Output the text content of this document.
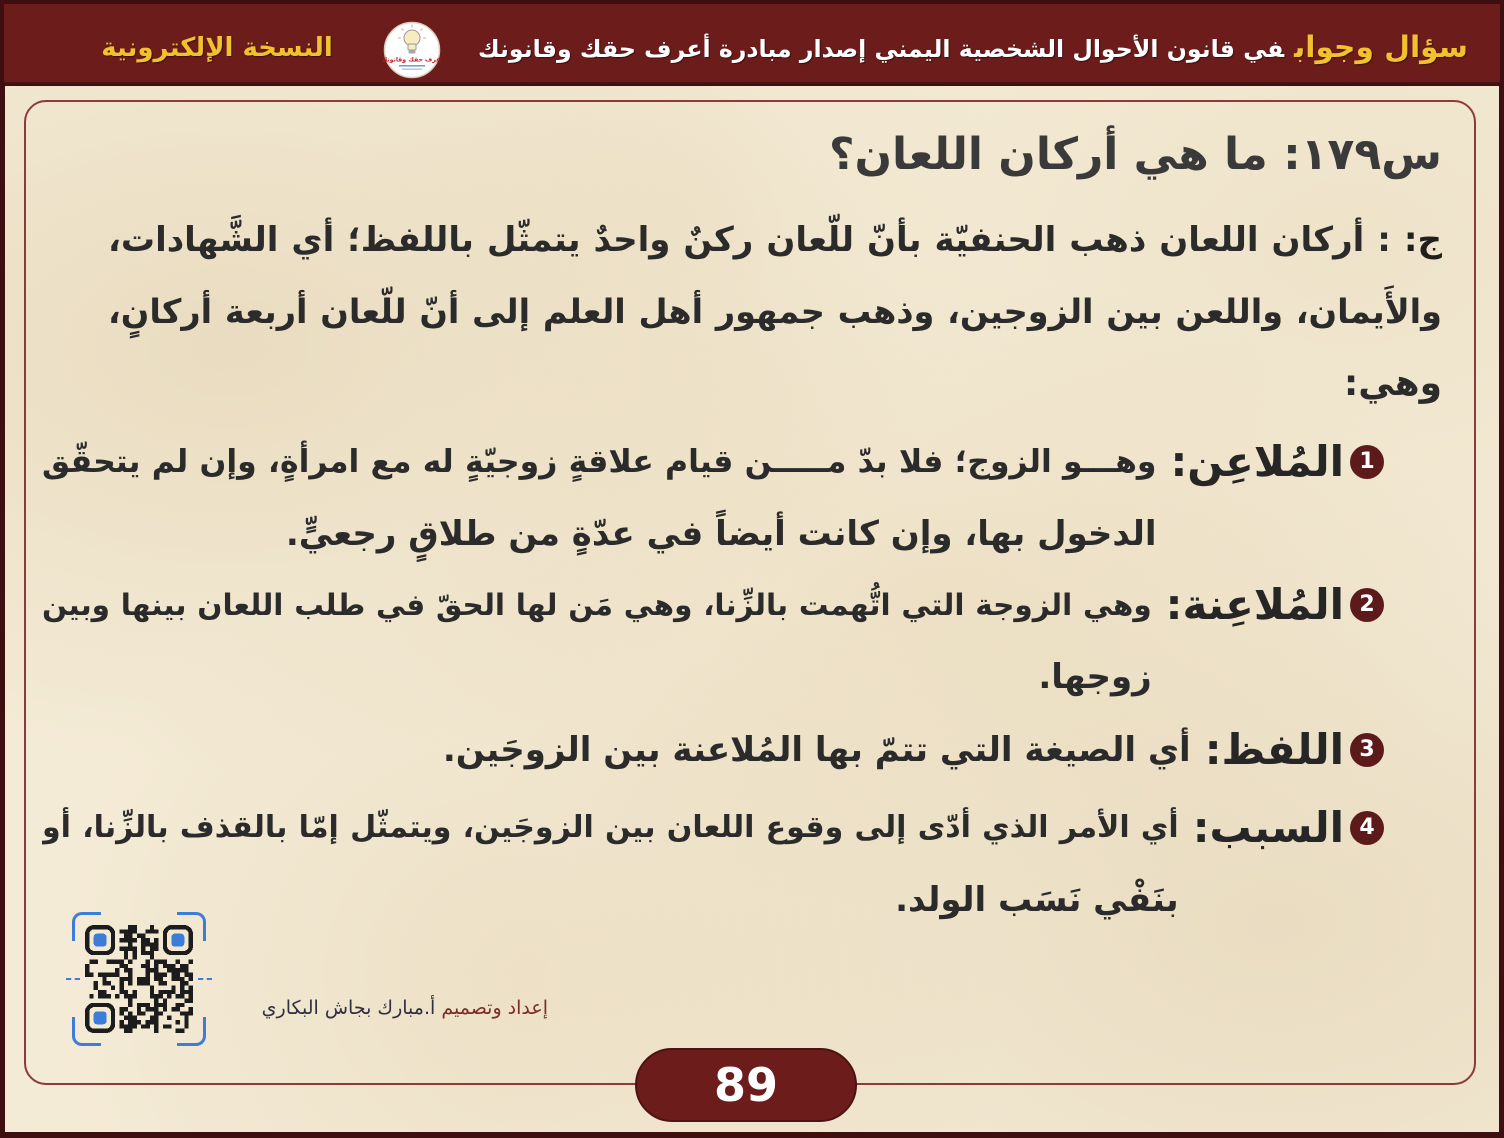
سؤال وجوابفي قانون الأحوال الشخصية اليمني إصدار مبادرة أعرف حقك وقانونك
أعرف حقك وقانونك
النسخة الإلكترونية
س١٧٩: ما هي أركان اللعان؟
ج: : أركان اللعان ذهب الحنفيّة بأنّ للّعان ركنٌ واحدٌ يتمثّل باللفظ؛ أي الشَّهادات،
والأَيمان، واللعن بين الزوجين، وذهب جمهور أهل العلم إلى أنّ للّعان أربعة أركانٍ،
وهي:
1
المُلاعِن:
وهـــو الزوج؛ فلا بدّ مـــــن قيام علاقةٍ زوجيّةٍ له مع امرأةٍ، وإن لم يتحقّق
الدخول بها، وإن كانت أيضاً في عدّةٍ من طلاقٍ رجعيٍّ.
2
المُلاعِنة:
وهي الزوجة التي اتُّهمت بالزِّنا، وهي مَن لها الحقّ في طلب اللعان بينها وبين
زوجها.
3
اللفظ:
أي الصيغة التي تتمّ بها المُلاعنة بين الزوجَين.
4
السبب:
أي الأمر الذي أدّى إلى وقوع اللعان بين الزوجَين، ويتمثّل إمّا بالقذف بالزِّنا، أو
بنَفْي نَسَب الولد.
إعداد وتصميم أ.مبارك بجاش البكاري
89
